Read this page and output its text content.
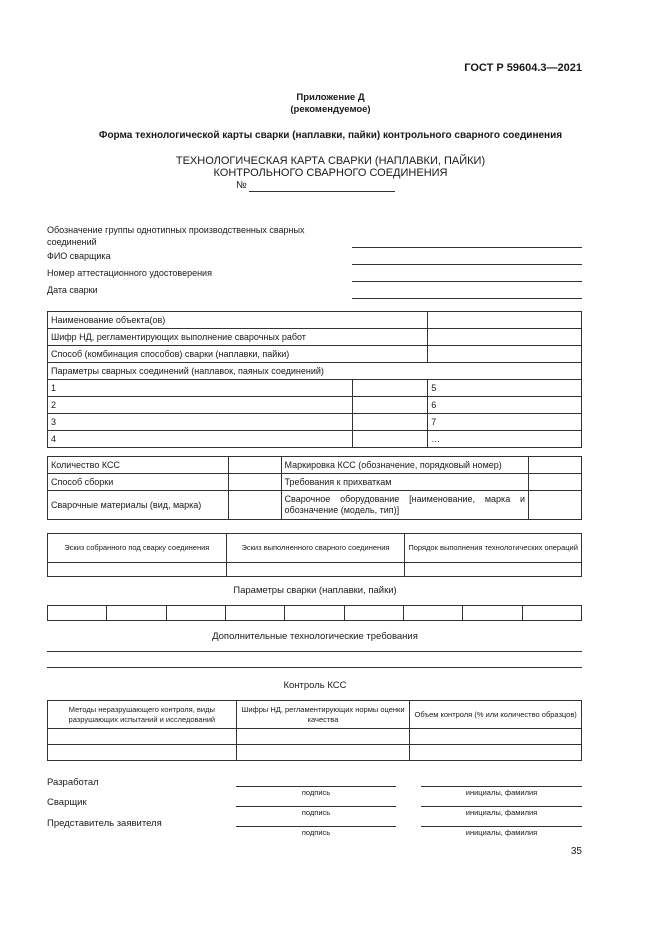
ГОСТ Р 59604.3—2021
Приложение Д
(рекомендуемое)
Форма технологической карты сварки (наплавки, пайки) контрольного сварного соединения
ТЕХНОЛОГИЧЕСКАЯ КАРТА СВАРКИ (НАПЛАВКИ, ПАЙКИ)
КОНТРОЛЬНОГО СВАРНОГО СОЕДИНЕНИЯ
№
Обозначение группы однотипных производственных сварных соединений
ФИО сварщика
Номер аттестационного удостоверения
Дата сварки
Наименование объекта(ов)		
Шифр НД, регламентирующих выполнение сварочных работ		
Способ (комбинация способов) сварки (наплавки, пайки)		
Параметры сварных соединений (наплавок, паяных соединений)		
1		5
2		6
3		7
4		…
Количество КСС		Маркировка КСС (обозначение, порядковый номер)	
Способ сборки		Требования к прихваткам	
Сварочные материалы (вид, марка)		Сварочное оборудование [наименование, марка и обозначение (модель, тип)]	
Эскиз собранного под сварку соединения	Эскиз выполненного сварного соединения	Порядок выполнения технологических операций

Параметры сварки (наплавки, пайки)

Дополнительные технологические требования
Контроль КСС
Методы неразрушающего контроля, виды разрушающих испытаний и исследований	Шифры НД, регламентирующих нормы оценки качества	Объем контроля (% или количество образцов)

Разработал
подпись	инициалы, фамилия
Сварщик
подпись	инициалы, фамилия
Представитель заявителя
подпись	инициалы, фамилия
35
